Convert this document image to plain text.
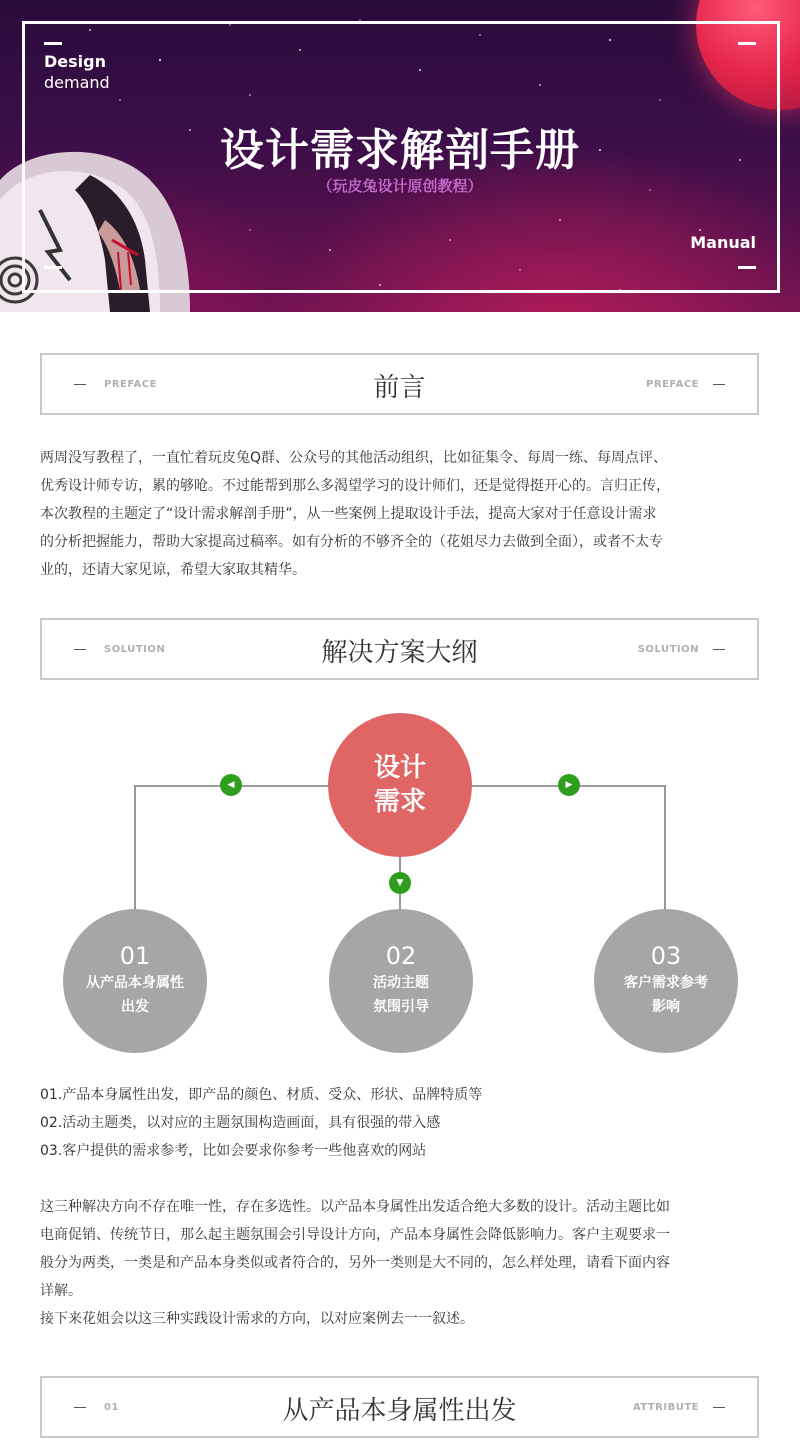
Design
demand
设计需求解剖手册
（玩皮兔设计原创教程）
Manual
PREFACE	前言	PREFACE

两周没写教程了，一直忙着玩皮兔Q群、公众号的其他活动组织，比如征集令、每周一练、每周点评、

优秀设计师专访，累的够呛。不过能帮到那么多渴望学习的设计师们，还是觉得挺开心的。言归正传，

本次教程的主题定了“设计需求解剖手册”，从一些案例上提取设计手法，提高大家对于任意设计需求

的分析把握能力，帮助大家提高过稿率。如有分析的不够齐全的（花姐尽力去做到全面），或者不太专

业的，还请大家见谅，希望大家取其精华。

SOLUTION	解决方案大纲	SOLUTION
设计
需求
◀	▶
▼
01
从产品本身属性
出发
02
活动主题
氛围引导
03
客户需求参考
影响

01.产品本身属性出发，即产品的颜色、材质、受众、形状、品牌特质等

02.活动主题类，以对应的主题氛围构造画面，具有很强的带入感

03.客户提供的需求参考，比如会要求你参考一些他喜欢的网站

这三种解决方向不存在唯一性，存在多选性。以产品本身属性出发适合绝大多数的设计。活动主题比如

电商促销、传统节日，那么起主题氛围会引导设计方向，产品本身属性会降低影响力。客户主观要求一

般分为两类，一类是和产品本身类似或者符合的，另外一类则是大不同的，怎么样处理，请看下面内容

详解。

接下来花姐会以这三种实践设计需求的方向，以对应案例去一一叙述。

01	从产品本身属性出发	ATTRIBUTE
